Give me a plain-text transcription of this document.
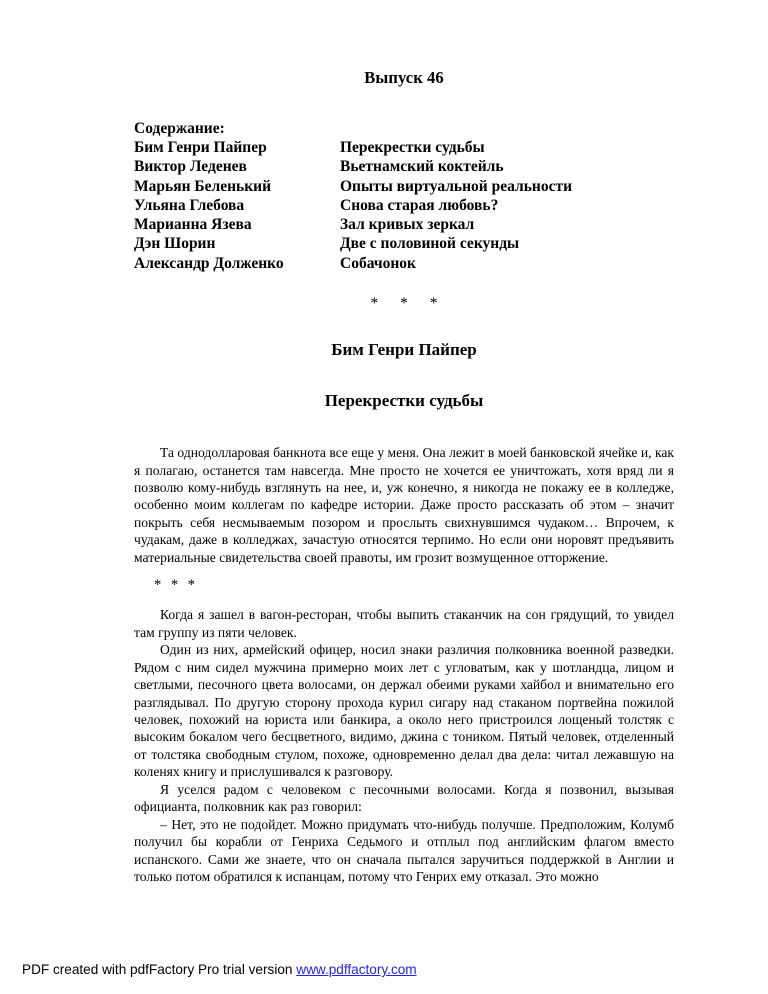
Выпуск 46
Содержание:
Бим Генри Пайпер	Перекрестки судьбы
Виктор Леденев	Вьетнамский коктейль
Марьян Беленький	Опыты виртуальной реальности
Ульяна Глебова	Снова старая любовь?
Марианна Язева	Зал кривых зеркал
Дэн Шорин	Две с половиной секунды
Александр Долженко	Собачонок
* * *
Бим Генри Пайпер
Перекрестки судьбы

Та однодолларовая банкнота все еще у меня. Она лежит в моей банковской ячейке и, как я полагаю, останется там навсегда. Мне просто не хочется ее уничтожать, хотя вряд ли я позволю кому-нибудь взглянуть на нее, и, уж конечно, я никогда не покажу ее в колледже, особенно моим коллегам по кафедре истории. Даже просто рассказать об этом – значит покрыть себя несмываемым позором и прослыть свихнувшимся чудаком… Впрочем, к чудакам, даже в колледжах, зачастую относятся терпимо. Но если они норовят предъявить материальные свидетельства своей правоты, им грозит возмущенное отторжение.

* * *

Когда я зашел в вагон-ресторан, чтобы выпить стаканчик на сон грядущий, то увидел там группу из пяти человек.

Один из них, армейский офицер, носил знаки различия полковника военной разведки. Рядом с ним сидел мужчина примерно моих лет с угловатым, как у шотландца, лицом и светлыми, песочного цвета волосами, он держал обеими руками хайбол и внимательно его разглядывал. По другую сторону прохода курил сигару над стаканом портвейна пожилой человек, похожий на юриста или банкира, а около него пристроился лощеный толстяк с высоким бокалом чего бесцветного, видимо, джина с тоником. Пятый человек, отделенный от толстяка свободным стулом, похоже, одновременно делал два дела: читал лежавшую на коленях книгу и прислушивался к разговору.

Я уселся радом с человеком с песочными волосами. Когда я позвонил, вызывая официанта, полковник как раз говорил:

– Нет, это не подойдет. Можно придумать что-нибудь получше. Предположим, Колумб получил бы корабли от Генриха Седьмого и отплыл под английским флагом вместо испанского. Сами же знаете, что он сначала пытался заручиться поддержкой в Англии и только потом обратился к испанцам, потому что Генрих ему отказал. Это можно

PDF created with pdfFactory Pro trial version www.pdffactory.com
